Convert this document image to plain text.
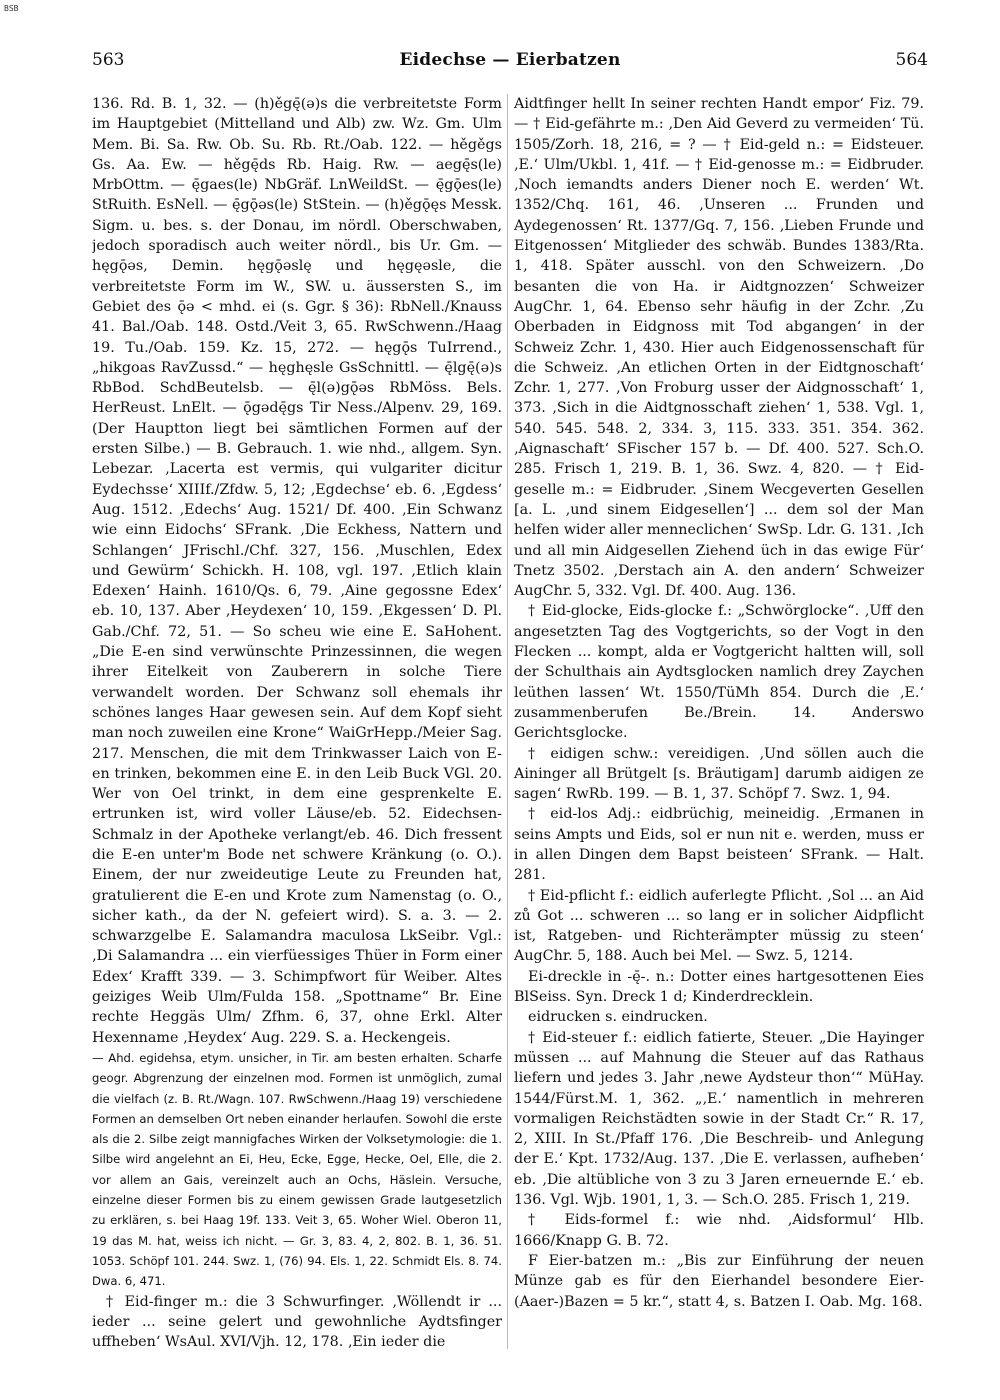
BSB
563	Eidechse — Eierbatzen	564

136. Rd. B. 1, 32. — (h)ěgę̄(ə)s die verbreitetste Form im Hauptgebiet (Mittelland und Alb) zw. Wz. Gm. Ulm Mem. Bi. Sa. Rw. Ob. Su. Rb. Rt./Oab. 122. — hěgěgs Gs. Aa. Ew. — hěgę̄ds Rb. Haig. Rw. — aegę̄s(le) MrbOttm. — ę̄gaes(le) NbGräf. LnWeildSt. — ę̄gǭes(le) StRuith. EsNell. — ę̄gǭəs(le) StStein. — (h)ěgǭęs Messk. Sigm. u. bes. s. der Donau, im nördl. Oberschwaben, jedoch sporadisch auch weiter nördl., bis Ur. Gm. — hęgǭəs, Demin. hęgǭəslę und hęgęəsle, die verbreitetste Form im W., SW. u. äussersten S., im Gebiet des ǭə < mhd. ei (s. Ggr. § 36): RbNell./Knauss 41. Bal./Oab. 148. Ostd./Veit 3, 65. RwSchwenn./Haag 19. Tu./Oab. 159. Kz. 15, 272. — hęgǭs TuIrrend., „hikgoas RavZussd.“ — hęghęsle GsSchnittl. — ę̄lgę̄(ə)s RbBod. SchdBeutelsb. — ę̄l(ə)gǭəs RbMöss. Bels. HerReust. LnElt. — ǭgədę̄gs Tir Ness./Alpenv. 29, 169. (Der Hauptton liegt bei sämtlichen Formen auf der ersten Silbe.) — B. Gebrauch. 1. wie nhd., allgem. Syn. Lebezar. ‚Lacerta est vermis, qui vulgariter dicitur Eydechsse‘ XIIIf./Zfdw. 5, 12; ‚Egdechse‘ eb. 6. ‚Egdess‘ Aug. 1512. ‚Edechs‘ Aug. 1521/ Df. 400. ‚Ein Schwanz wie einn Eidochs‘ SFrank. ‚Die Eckhess, Nattern und Schlangen‘ JFrischl./Chf. 327, 156. ‚Muschlen, Edex und Gewürm‘ Schickh. H. 108, vgl. 197. ‚Etlich klain Edexen‘ Hainh. 1610/Qs. 6, 79. ‚Aine gegossne Edex‘ eb. 10, 137. Aber ‚Heydexen‘ 10, 159. ‚Ekgessen‘ D. Pl. Gab./Chf. 72, 51. — So scheu wie eine E. SaHohent. „Die E-en sind verwünschte Prinzessinnen, die wegen ihrer Eitelkeit von Zauberern in solche Tiere verwandelt worden. Der Schwanz soll ehemals ihr schönes langes Haar gewesen sein. Auf dem Kopf sieht man noch zuweilen eine Krone“ WaiGrHepp./Meier Sag. 217. Menschen, die mit dem Trinkwasser Laich von E-en trinken, bekommen eine E. in den Leib Buck VGl. 20. Wer von Oel trinkt, in dem eine gesprenkelte E. ertrunken ist, wird voller Läuse/eb. 52. Eidechsen-Schmalz in der Apotheke verlangt/eb. 46. Dich fressent die E-en unter'm Bode net schwere Kränkung (o. O.). Einem, der nur zweideutige Leute zu Freunden hat, gratulierent die E-en und Krote zum Namenstag (o. O., sicher kath., da der N. gefeiert wird). S. a. 3. — 2. schwarzgelbe E. Salamandra maculosa LkSeibr. Vgl.: ‚Di Salamandra ... ein vierfüessiges Thüer in Form einer Edex‘ Krafft 339. — 3. Schimpfwort für Weiber. Altes geiziges Weib Ulm/Fulda 158. „Spottname“ Br. Eine rechte Heggäs Ulm/ Zfhm. 6, 37, ohne Erkl. Alter Hexenname ‚Heydex‘ Aug. 229. S. a. Heckengeis.

— Ahd. egidehsa, etym. unsicher, in Tir. am besten erhalten. Scharfe geogr. Abgrenzung der einzelnen mod. Formen ist unmöglich, zumal die vielfach (z. B. Rt./Wagn. 107. RwSchwenn./Haag 19) verschiedene Formen an demselben Ort neben einander herlaufen. Sowohl die erste als die 2. Silbe zeigt mannigfaches Wirken der Volksetymologie: die 1. Silbe wird angelehnt an Ei, Heu, Ecke, Egge, Hecke, Oel, Elle, die 2. vor allem an Gais, vereinzelt auch an Ochs, Häslein. Versuche, einzelne dieser Formen bis zu einem gewissen Grade lautgesetzlich zu erklären, s. bei Haag 19f. 133. Veit 3, 65. Woher Wiel. Oberon 11, 19 das M. hat, weiss ich nicht. — Gr. 3, 83. 4, 2, 802. B. 1, 36. 51. 1053. Schöpf 101. 244. Swz. 1, (76) 94. Els. 1, 22. Schmidt Els. 8. 74. Dwa. 6, 471.

† Eid-finger m.: die 3 Schwurfinger. ‚Wöllendt ir ... ieder ... seine gelert und gewohnliche Aydtsfinger uffheben‘ WsAul. XVI/Vjh. 12, 178. ‚Ein ieder die

Aidtfinger hellt In seiner rechten Handt empor‘ Fiz. 79. — † Eid-gefährte m.: ‚Den Aid Geverd zu vermeiden‘ Tü. 1505/Zorh. 18, 216, = ? — † Eid-geld n.: = Eidsteuer. ‚E.‘ Ulm/Ukbl. 1, 41f. — † Eid-genosse m.: = Eidbruder. ‚Noch iemandts anders Diener noch E. werden‘ Wt. 1352/Chq. 161, 46. ‚Unseren ... Frunden und Aydegenossen‘ Rt. 1377/Gq. 7, 156. ‚Lieben Frunde und Eitgenossen‘ Mitglieder des schwäb. Bundes 1383/Rta. 1, 418. Später ausschl. von den Schweizern. ‚Do besanten die von Ha. ir Aidtgnozzen‘ Schweizer AugChr. 1, 64. Ebenso sehr häufig in der Zchr. ‚Zu Oberbaden in Eidgnoss mit Tod abgangen‘ in der Schweiz Zchr. 1, 430. Hier auch Eidgenossenschaft für die Schweiz. ‚An etlichen Orten in der Eidtgnoschaft‘ Zchr. 1, 277. ‚Von Froburg usser der Aidgnosschaft‘ 1, 373. ‚Sich in die Aidtgnosschaft ziehen‘ 1, 538. Vgl. 1, 540. 545. 548. 2, 334. 3, 115. 333. 351. 354. 362. ‚Aignaschaft‘ SFischer 157 b. — Df. 400. 527. Sch.O. 285. Frisch 1, 219. B. 1, 36. Swz. 4, 820. — † Eid-geselle m.: = Eidbruder. ‚Sinem Wecgeverten Gesellen [a. L. ‚und sinem Eidgesellen‘] ... dem sol der Man helfen wider aller menneclichen‘ SwSp. Ldr. G. 131. ‚Ich und all min Aidgesellen Ziehend üch in das ewige Für‘ Tnetz 3502. ‚Derstach ain A. den andern‘ Schweizer AugChr. 5, 332. Vgl. Df. 400. Aug. 136.

† Eid-glocke, Eids-glocke f.: „Schwörglocke“. ‚Uff den angesetzten Tag des Vogtgerichts, so der Vogt in den Flecken ... kompt, alda er Vogtgericht haltten will, soll der Schulthais ain Aydtsglocken namlich drey Zaychen leüthen lassen‘ Wt. 1550/TüMh 854. Durch die ‚E.‘ zusammenberufen Be./Brein. 14. Anderswo Gerichtsglocke.

† eidigen schw.: vereidigen. ‚Und söllen auch die Aininger all Brütgelt [s. Bräutigam] darumb aidigen ze sagen‘ RwRb. 199. — B. 1, 37. Schöpf 7. Swz. 1, 94.

† eid-los Adj.: eidbrüchig, meineidig. ‚Ermanen in seins Ampts und Eids, sol er nun nit e. werden, muss er in allen Dingen dem Bapst beisteen‘ SFrank. — Halt. 281.

† Eid-pflicht f.: eidlich auferlegte Pflicht. ‚Sol ... an Aid zů Got ... schweren ... so lang er in solicher Aidpflicht ist, Ratgeben- und Richterämpter müssig zu steen‘ AugChr. 5, 188. Auch bei Mel. — Swz. 5, 1214.

Ei-dreckle in -ę̄-. n.: Dotter eines hartgesottenen Eies BlSeiss. Syn. Dreck 1 d; Kinderdrecklein.

eidrucken s. eindrucken.

† Eid-steuer f.: eidlich fatierte, Steuer. „Die Hayinger müssen ... auf Mahnung die Steuer auf das Rathaus liefern und jedes 3. Jahr ‚newe Aydsteur thon‘“ MüHay. 1544/Fürst.M. 1, 362. „‚E.‘ namentlich in mehreren vormaligen Reichstädten sowie in der Stadt Cr.“ R. 17, 2, XIII. In St./Pfaff 176. ‚Die Beschreib- und Anlegung der E.‘ Kpt. 1732/Aug. 137. ‚Die E. verlassen, aufheben‘ eb. ‚Die altübliche von 3 zu 3 Jaren erneuernde E.‘ eb. 136. Vgl. Wjb. 1901, 1, 3. — Sch.O. 285. Frisch 1, 219.

† Eids-formel f.: wie nhd. ‚Aidsformul‘ Hlb. 1666/Knapp G. B. 72.

F Eier-batzen m.: „Bis zur Einführung der neuen Münze gab es für den Eierhandel besondere Eier-(Aaer-)Bazen = 5 kr.“, statt 4, s. Batzen I. Oab. Mg. 168.
